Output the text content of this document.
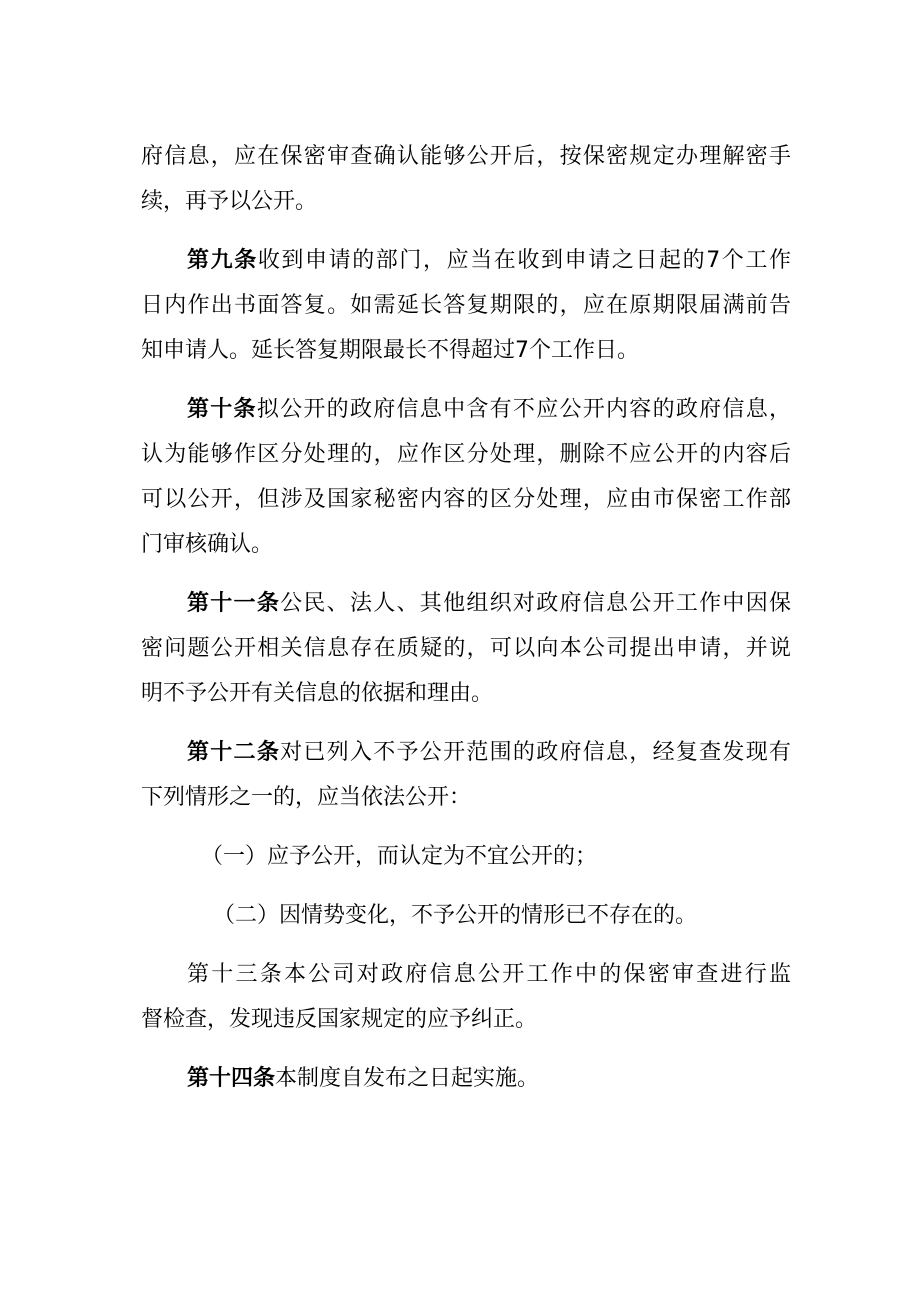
府信息，应在保密审查确认能够公开后，按保密规定办理解密手
续，再予以公开。
第九条收到申请的部门，应当在收到申请之日起的7个工作
日内作出书面答复。如需延长答复期限的，应在原期限届满前告
知申请人。延长答复期限最长不得超过7个工作日。
第十条拟公开的政府信息中含有不应公开内容的政府信息，
认为能够作区分处理的，应作区分处理，删除不应公开的内容后
可以公开，但涉及国家秘密内容的区分处理，应由市保密工作部
门审核确认。
第十一条公民、法人、其他组织对政府信息公开工作中因保
密问题公开相关信息存在质疑的，可以向本公司提出申请，并说
明不予公开有关信息的依据和理由。
第十二条对已列入不予公开范围的政府信息，经复查发现有
下列情形之一的，应当依法公开：
（一）应予公开，而认定为不宜公开的；
（二）因情势变化，不予公开的情形已不存在的。
第十三条本公司对政府信息公开工作中的保密审查进行监
督检查，发现违反国家规定的应予纠正。
第十四条本制度自发布之日起实施。
